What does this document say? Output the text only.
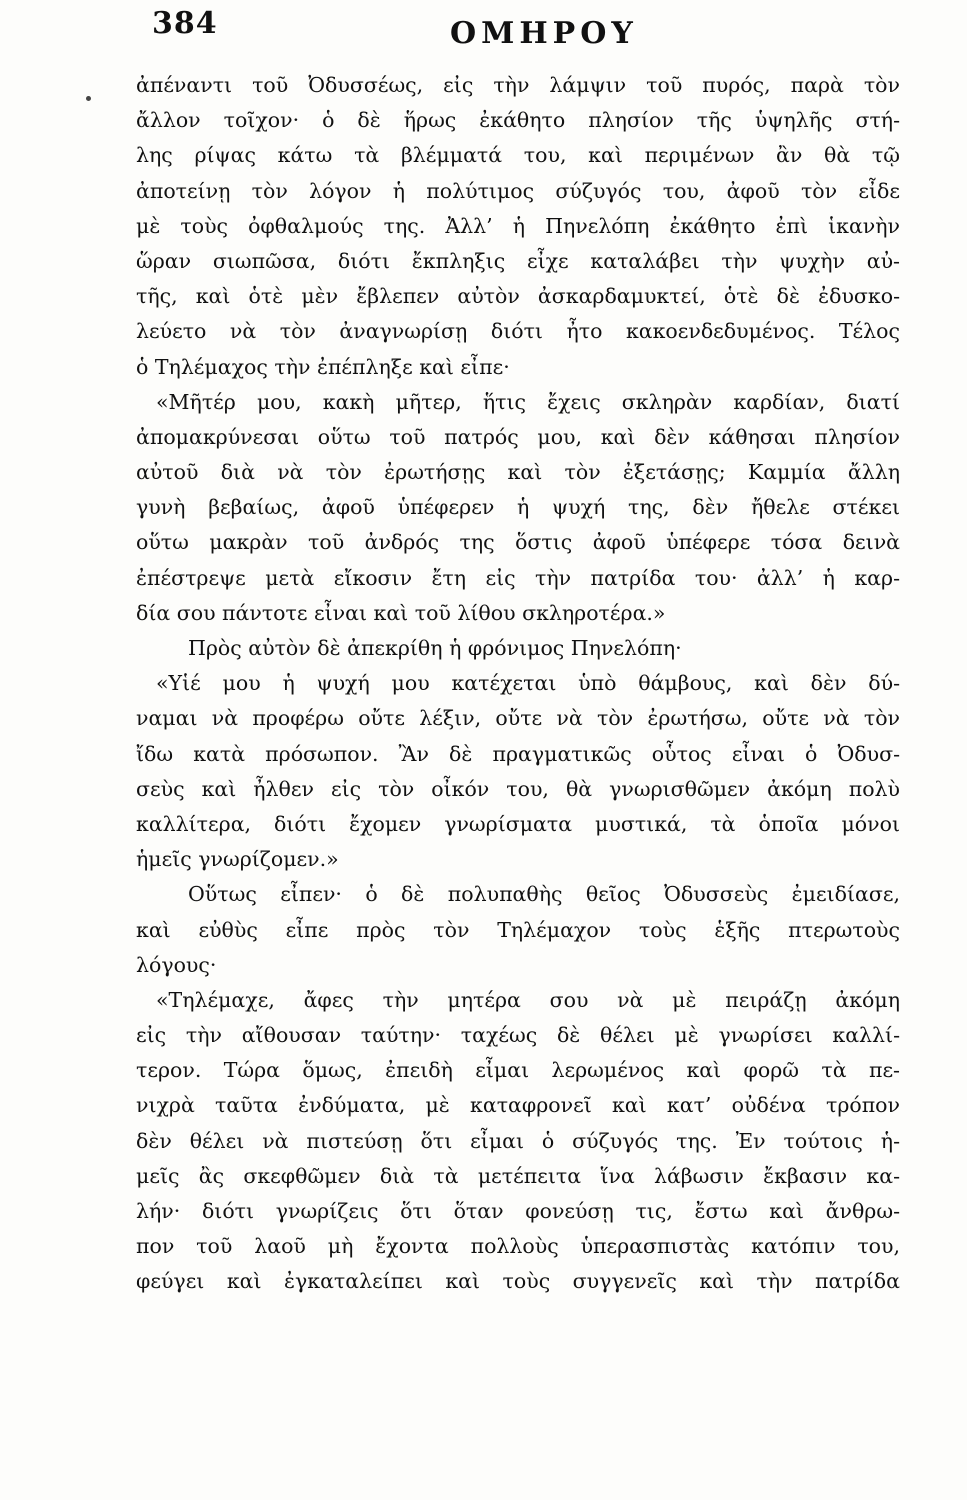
384	ΟΜΗΡΟΥ
ἀπέναντι τοῦ Ὀδυσσέως, εἰς τὴν λάμψιν τοῦ πυρός, παρὰ τὸν
ἄλλον τοῖχον· ὁ δὲ ἥρως ἐκάθητο πλησίον τῆς ὑψηλῆς στή-
λης ρίψας κάτω τὰ βλέμματά του, καὶ περιμένων ἂν θὰ τῷ
ἀποτείνῃ τὸν λόγον ἡ πολύτιμος σύζυγός του, ἀφοῦ τὸν εἶδε
μὲ τοὺς ὀφθαλμούς της. Ἀλλ’ ἡ Πηνελόπη ἐκάθητο ἐπὶ ἱκανὴν
ὥραν σιωπῶσα, διότι ἔκπληξις εἶχε καταλάβει τὴν ψυχὴν αὐ-
τῆς, καὶ ὁτὲ μὲν ἔβλεπεν αὐτὸν ἀσκαρδαμυκτεί, ὁτὲ δὲ ἐδυσκο-
λεύετο νὰ τὸν ἀναγνωρίσῃ διότι ἦτο κακοενδεδυμένος. Τέλος
ὁ Τηλέμαχος τὴν ἐπέπληξε καὶ εἶπε·
«Μῆτέρ μου, κακὴ μῆτερ, ἥτις ἔχεις σκληρὰν καρδίαν, διατί
ἀπομακρύνεσαι οὕτω τοῦ πατρός μου, καὶ δὲν κάθησαι πλησίον
αὐτοῦ διὰ νὰ τὸν ἐρωτήσῃς καὶ τὸν ἐξετάσῃς; Καμμία ἄλλη
γυνὴ βεβαίως, ἀφοῦ ὑπέφερεν ἡ ψυχή της, δὲν ἤθελε στέκει
οὕτω μακρὰν τοῦ ἀνδρός της ὅστις ἀφοῦ ὑπέφερε τόσα δεινὰ
ἐπέστρεψε μετὰ εἴκοσιν ἔτη εἰς τὴν πατρίδα του· ἀλλ’ ἡ καρ-
δία σου πάντοτε εἶναι καὶ τοῦ λίθου σκληροτέρα.»
Πρὸς αὐτὸν δὲ ἀπεκρίθη ἡ φρόνιμος Πηνελόπη·
«Υἱέ μου ἡ ψυχή μου κατέχεται ὑπὸ θάμβους, καὶ δὲν δύ-
ναμαι νὰ προφέρω οὔτε λέξιν, οὔτε νὰ τὸν ἐρωτήσω, οὔτε νὰ τὸν
ἴδω κατὰ πρόσωπον. Ἂν δὲ πραγματικῶς οὗτος εἶναι ὁ Ὀδυσ-
σεὺς καὶ ἦλθεν εἰς τὸν οἶκόν του, θὰ γνωρισθῶμεν ἀκόμη πολὺ
καλλίτερα, διότι ἔχομεν γνωρίσματα μυστικά, τὰ ὁποῖα μόνοι
ἡμεῖς γνωρίζομεν.»
Οὕτως εἶπεν· ὁ δὲ πολυπαθὴς θεῖος Ὀδυσσεὺς ἐμειδίασε,
καὶ εὐθὺς εἶπε πρὸς τὸν Τηλέμαχον τοὺς ἑξῆς πτερωτοὺς
λόγους·
«Τηλέμαχε, ἄφες τὴν μητέρα σου νὰ μὲ πειράζῃ ἀκόμη
εἰς τὴν αἴθουσαν ταύτην· ταχέως δὲ θέλει μὲ γνωρίσει καλλί-
τερον. Τώρα ὅμως, ἐπειδὴ εἶμαι λερωμένος καὶ φορῶ τὰ πε-
νιχρὰ ταῦτα ἐνδύματα, μὲ καταφρονεῖ καὶ κατ’ οὐδένα τρόπον
δὲν θέλει νὰ πιστεύσῃ ὅτι εἶμαι ὁ σύζυγός της. Ἐν τούτοις ἡ-
μεῖς ἂς σκεφθῶμεν διὰ τὰ μετέπειτα ἵνα λάβωσιν ἔκβασιν κα-
λήν· διότι γνωρίζεις ὅτι ὅταν φονεύσῃ τις, ἔστω καὶ ἄνθρω-
πον τοῦ λαοῦ μὴ ἔχοντα πολλοὺς ὑπερασπιστὰς κατόπιν του,
φεύγει καὶ ἐγκαταλείπει καὶ τοὺς συγγενεῖς καὶ τὴν πατρίδα
